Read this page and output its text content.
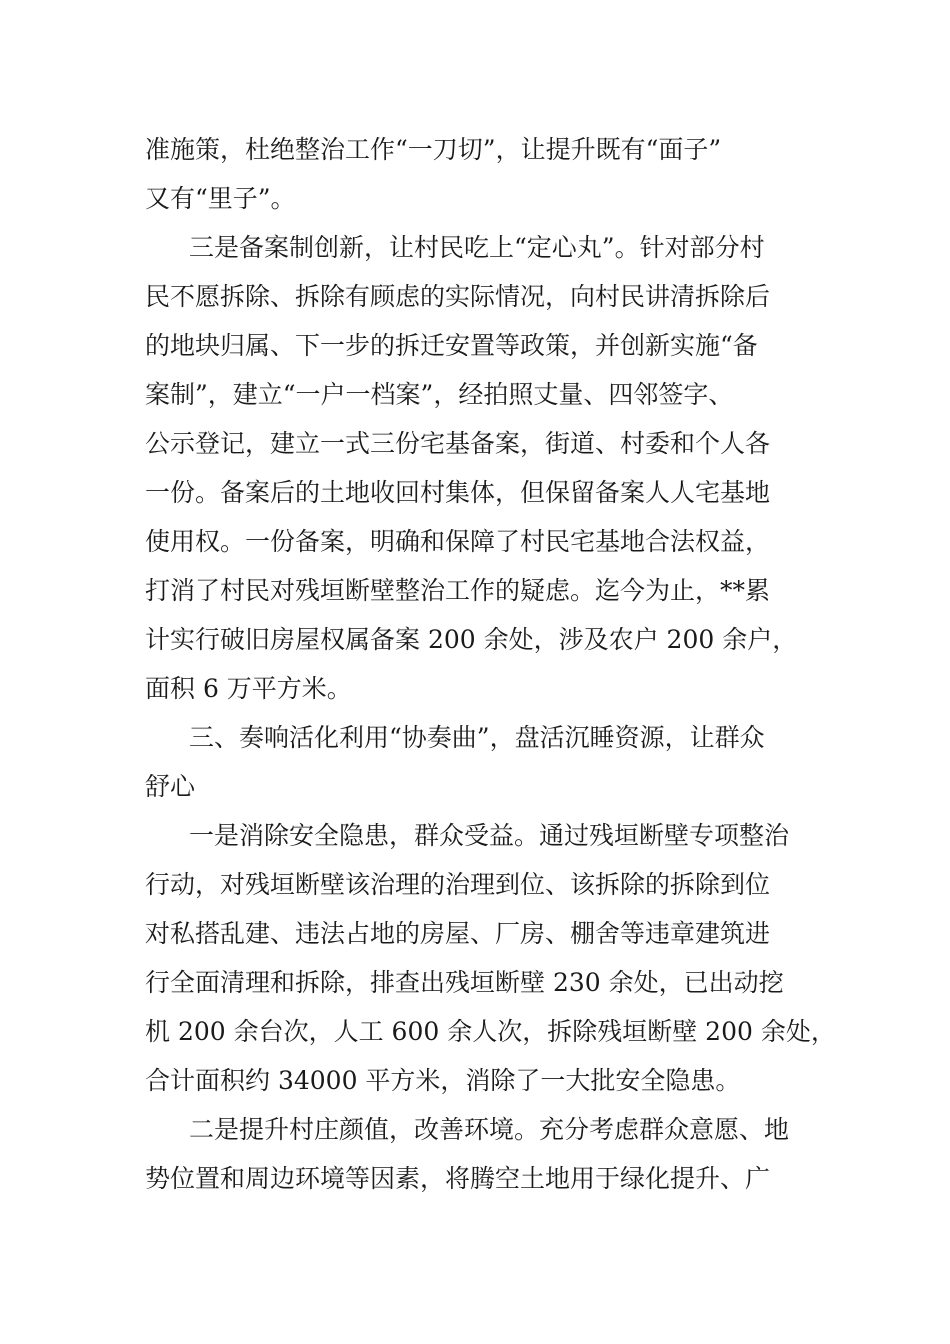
准施策，杜绝整治工作“一刀切”，让提升既有“面子”
又有“里子”。
三是备案制创新，让村民吃上“定心丸”。针对部分村
民不愿拆除、拆除有顾虑的实际情况，向村民讲清拆除后
的地块归属、下一步的拆迁安置等政策，并创新实施“备
案制”，建立“一户一档案”，经拍照丈量、四邻签字、
公示登记，建立一式三份宅基备案，街道、村委和个人各
一份。备案后的土地收回村集体，但保留备案人人宅基地
使用权。一份备案，明确和保障了村民宅基地合法权益，
打消了村民对残垣断壁整治工作的疑虑。迄今为止，**累
计实行破旧房屋权属备案 200 余处，涉及农户 200 余户，
面积 6 万平方米。
三、奏响活化利用“协奏曲”，盘活沉睡资源，让群众
舒心
一是消除安全隐患，群众受益。通过残垣断壁专项整治
行动，对残垣断壁该治理的治理到位、该拆除的拆除到位
对私搭乱建、违法占地的房屋、厂房、棚舍等违章建筑进
行全面清理和拆除，排查出残垣断壁 230 余处，已出动挖
机 200 余台次，人工 600 余人次，拆除残垣断壁 200 余处，
合计面积约 34000 平方米，消除了一大批安全隐患。
二是提升村庄颜值，改善环境。充分考虑群众意愿、地
势位置和周边环境等因素，将腾空土地用于绿化提升、广
